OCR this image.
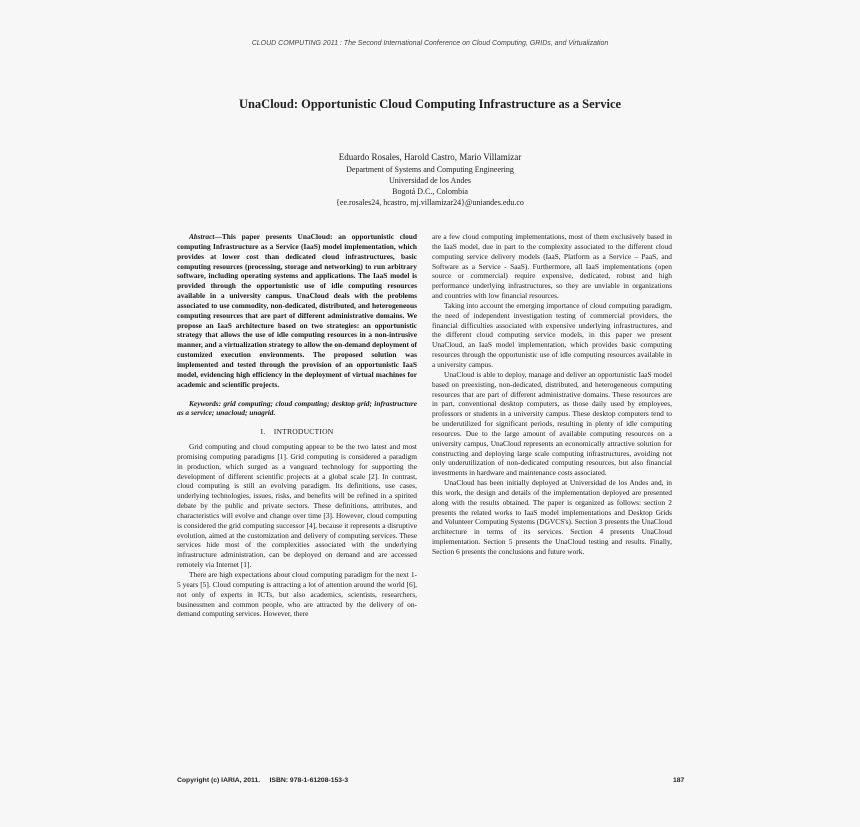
CLOUD COMPUTING 2011 : The Second International Conference on Cloud Computing, GRIDs, and Virtualization
UnaCloud: Opportunistic Cloud Computing Infrastructure as a Service
Eduardo Rosales, Harold Castro, Mario Villamizar
Department of Systems and Computing Engineering
Universidad de los Andes
Bogotá D.C., Colombia
{ee.rosales24, hcastro, mj.villamizar24}@uniandes.edu.co

Abstract—This paper presents UnaCloud: an opportunistic cloud computing Infrastructure as a Service (IaaS) model implementation, which provides at lower cost than dedicated cloud infrastructures, basic computing resources (processing, storage and networking) to run arbitrary software, including operating systems and applications. The IaaS model is provided through the opportunistic use of idle computing resources available in a university campus. UnaCloud deals with the problems associated to use commodity, non-dedicated, distributed, and heterogeneous computing resources that are part of different administrative domains. We propose an IaaS architecture based on two strategies: an opportunistic strategy that allows the use of idle computing resources in a non-intrusive manner, and a virtualization strategy to allow the on-demand deployment of customized execution environments. The proposed solution was implemented and tested through the provision of an opportunistic IaaS model, evidencing high efficiency in the deployment of virtual machines for academic and scientific projects.

Keywords: grid computing; cloud computing; desktop grid; infrastructure as a service; unacloud; unagrid.

I. INTRODUCTION

Grid computing and cloud computing appear to be the two latest and most promising computing paradigms [1]. Grid computing is considered a paradigm in production, which surged as a vanguard technology for supporting the development of different scientific projects at a global scale [2]. In contrast, cloud computing is still an evolving paradigm. Its definitions, use cases, underlying technologies, issues, risks, and benefits will be refined in a spirited debate by the public and private sectors. These definitions, attributes, and characteristics will evolve and change over time [3]. However, cloud computing is considered the grid computing successor [4], because it represents a disruptive evolution, aimed at the customization and delivery of computing services. These services hide most of the complexities associated with the underlying infrastructure administration, can be deployed on demand and are accessed remotely via Internet [1].

There are high expectations about cloud computing paradigm for the next 1-5 years [5]. Cloud computing is attracting a lot of attention around the world [6], not only of experts in ICTs, but also academics, scientists, researchers, businessmen and common people, who are attracted by the delivery of on-demand computing services. However, there

are a few cloud computing implementations, most of them exclusively based in the IaaS model, due in part to the complexity associated to the different cloud computing service delivery models (IaaS, Platform as a Service – PaaS, and Software as a Service - SaaS). Furthermore, all IaaS implementations (open source or commercial) require expensive, dedicated, robust and high performance underlying infrastructures, so they are unviable in organizations and countries with low financial resources.

Taking into account the emerging importance of cloud computing paradigm, the need of independent investigation testing of commercial providers, the financial difficulties associated with expensive underlying infrastructures, and the different cloud computing service models, in this paper we present UnaCloud, an IaaS model implementation, which provides basic computing resources through the opportunistic use of idle computing resources available in a university campus.

UnaCloud is able to deploy, manage and deliver an opportunistic IaaS model based on preexisting, non-dedicated, distributed, and heterogeneous computing resources that are part of different administrative domains. These resources are in part, conventional desktop computers, as those daily used by employees, professors or students in a university campus. These desktop computers tend to be underutilized for significant periods, resulting in plenty of idle computing resources. Due to the large amount of available computing resources on a university campus, UnaCloud represents an economically attractive solution for constructing and deploying large scale computing infrastructures, avoiding not only underutilization of non-dedicated computing resources, but also financial investments in hardware and maintenance costs associated.

UnaCloud has been initially deployed at Universidad de los Andes and, in this work, the design and details of the implementation deployed are presented along with the results obtained. The paper is organized as follows: section 2 presents the related works to IaaS model implementations and Desktop Grids and Volunteer Computing Systems (DGVCS's). Section 3 presents the UnaCloud architecture in terms of its services. Section 4 presents UnaCloud implementation. Section 5 presents the UnaCloud testing and results. Finally, Section 6 presents the conclusions and future work.

Copyright (c) IARIA, 2011.     ISBN: 978-1-61208-153-3	187
